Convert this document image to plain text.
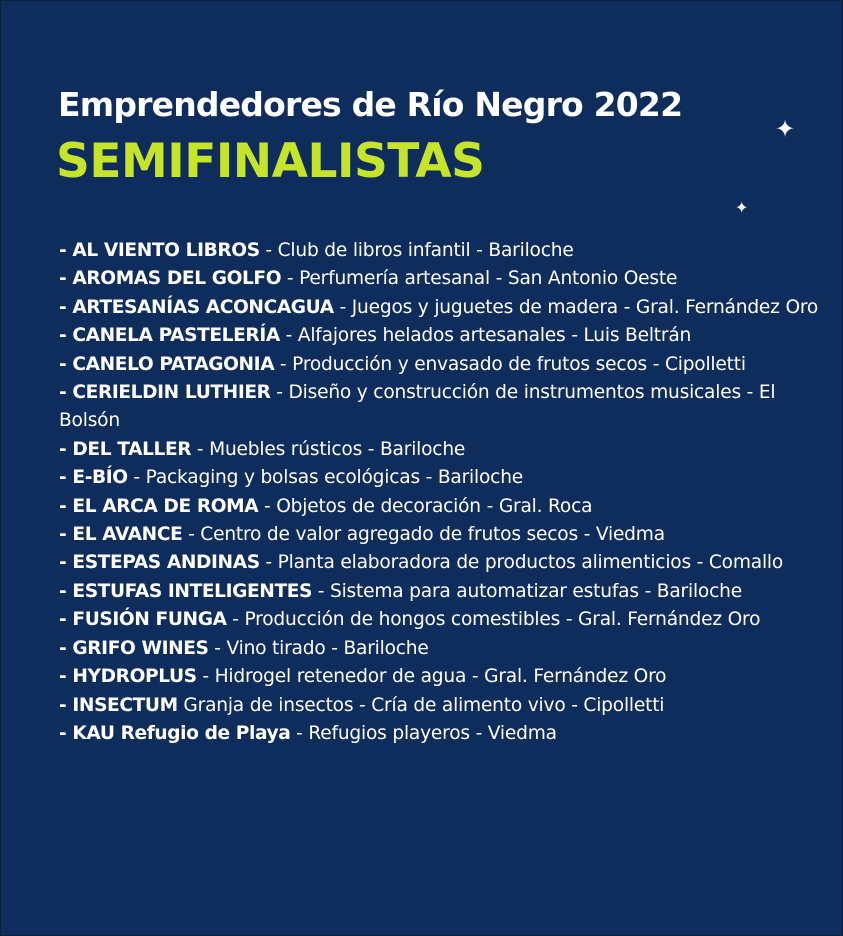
Emprendedores de Río Negro 2022
SEMIFINALISTAS
✦
✦
- AL VIENTO LIBROS - Club de libros infantil - Bariloche
- AROMAS DEL GOLFO - Perfumería artesanal - San Antonio Oeste
- ARTESANÍAS ACONCAGUA - Juegos y juguetes de madera - Gral. Fernández Oro
- CANELA PASTELERÍA - Alfajores helados artesanales - Luis Beltrán
- CANELO PATAGONIA - Producción y envasado de frutos secos - Cipolletti
- CERIELDIN LUTHIER - Diseño y construcción de instrumentos musicales - El Bolsón
- DEL TALLER - Muebles rústicos - Bariloche
- E-BÍO - Packaging y bolsas ecológicas - Bariloche
- EL ARCA DE ROMA - Objetos de decoración - Gral. Roca
- EL AVANCE - Centro de valor agregado de frutos secos - Viedma
- ESTEPAS ANDINAS - Planta elaboradora de productos alimenticios - Comallo
- ESTUFAS INTELIGENTES - Sistema para automatizar estufas - Bariloche
- FUSIÓN FUNGA - Producción de hongos comestibles - Gral. Fernández Oro
- GRIFO WINES - Vino tirado - Bariloche
- HYDROPLUS - Hidrogel retenedor de agua - Gral. Fernández Oro
- INSECTUM Granja de insectos - Cría de alimento vivo - Cipolletti
- KAU Refugio de Playa - Refugios playeros - Viedma
